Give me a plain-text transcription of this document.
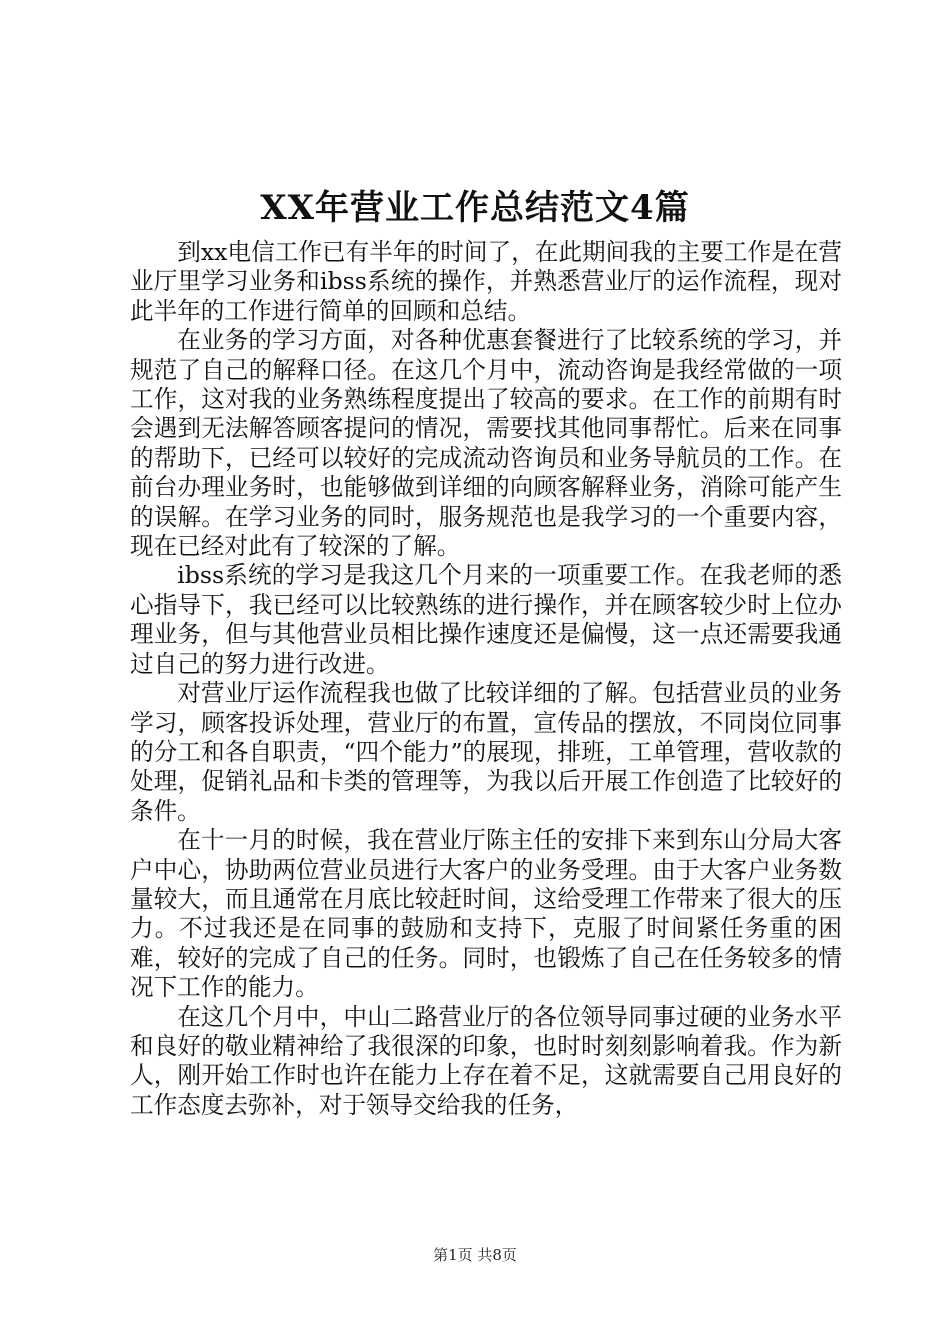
XX年营业工作总结范文4篇

到xx电信工作已有半年的时间了，在此期间我的主要工作是在营业厅里学习业务和ibss系统的操作，并熟悉营业厅的运作流程，现对此半年的工作进行简单的回顾和总结。

在业务的学习方面，对各种优惠套餐进行了比较系统的学习，并规范了自己的解释口径。在这几个月中，流动咨询是我经常做的一项工作，这对我的业务熟练程度提出了较高的要求。在工作的前期有时会遇到无法解答顾客提问的情况，需要找其他同事帮忙。后来在同事的帮助下，已经可以较好的完成流动咨询员和业务导航员的工作。在前台办理业务时，也能够做到详细的向顾客解释业务，消除可能产生的误解。在学习业务的同时，服务规范也是我学习的一个重要内容，现在已经对此有了较深的了解。

ibss系统的学习是我这几个月来的一项重要工作。在我老师的悉心指导下，我已经可以比较熟练的进行操作，并在顾客较少时上位办理业务，但与其他营业员相比操作速度还是偏慢，这一点还需要我通过自己的努力进行改进。

对营业厅运作流程我也做了比较详细的了解。包括营业员的业务学习，顾客投诉处理，营业厅的布置，宣传品的摆放，不同岗位同事的分工和各自职责，“四个能力”的展现，排班，工单管理，营收款的处理，促销礼品和卡类的管理等，为我以后开展工作创造了比较好的条件。

在十一月的时候，我在营业厅陈主任的安排下来到东山分局大客户中心，协助两位营业员进行大客户的业务受理。由于大客户业务数量较大，而且通常在月底比较赶时间，这给受理工作带来了很大的压力。不过我还是在同事的鼓励和支持下，克服了时间紧任务重的困难，较好的完成了自己的任务。同时，也锻炼了自己在任务较多的情况下工作的能力。

在这几个月中，中山二路营业厅的各位领导同事过硬的业务水平和良好的敬业精神给了我很深的印象，也时时刻刻影响着我。作为新人，刚开始工作时也许在能力上存在着不足，这就需要自己用良好的工作态度去弥补，对于领导交给我的任务，

第1页 共8页
